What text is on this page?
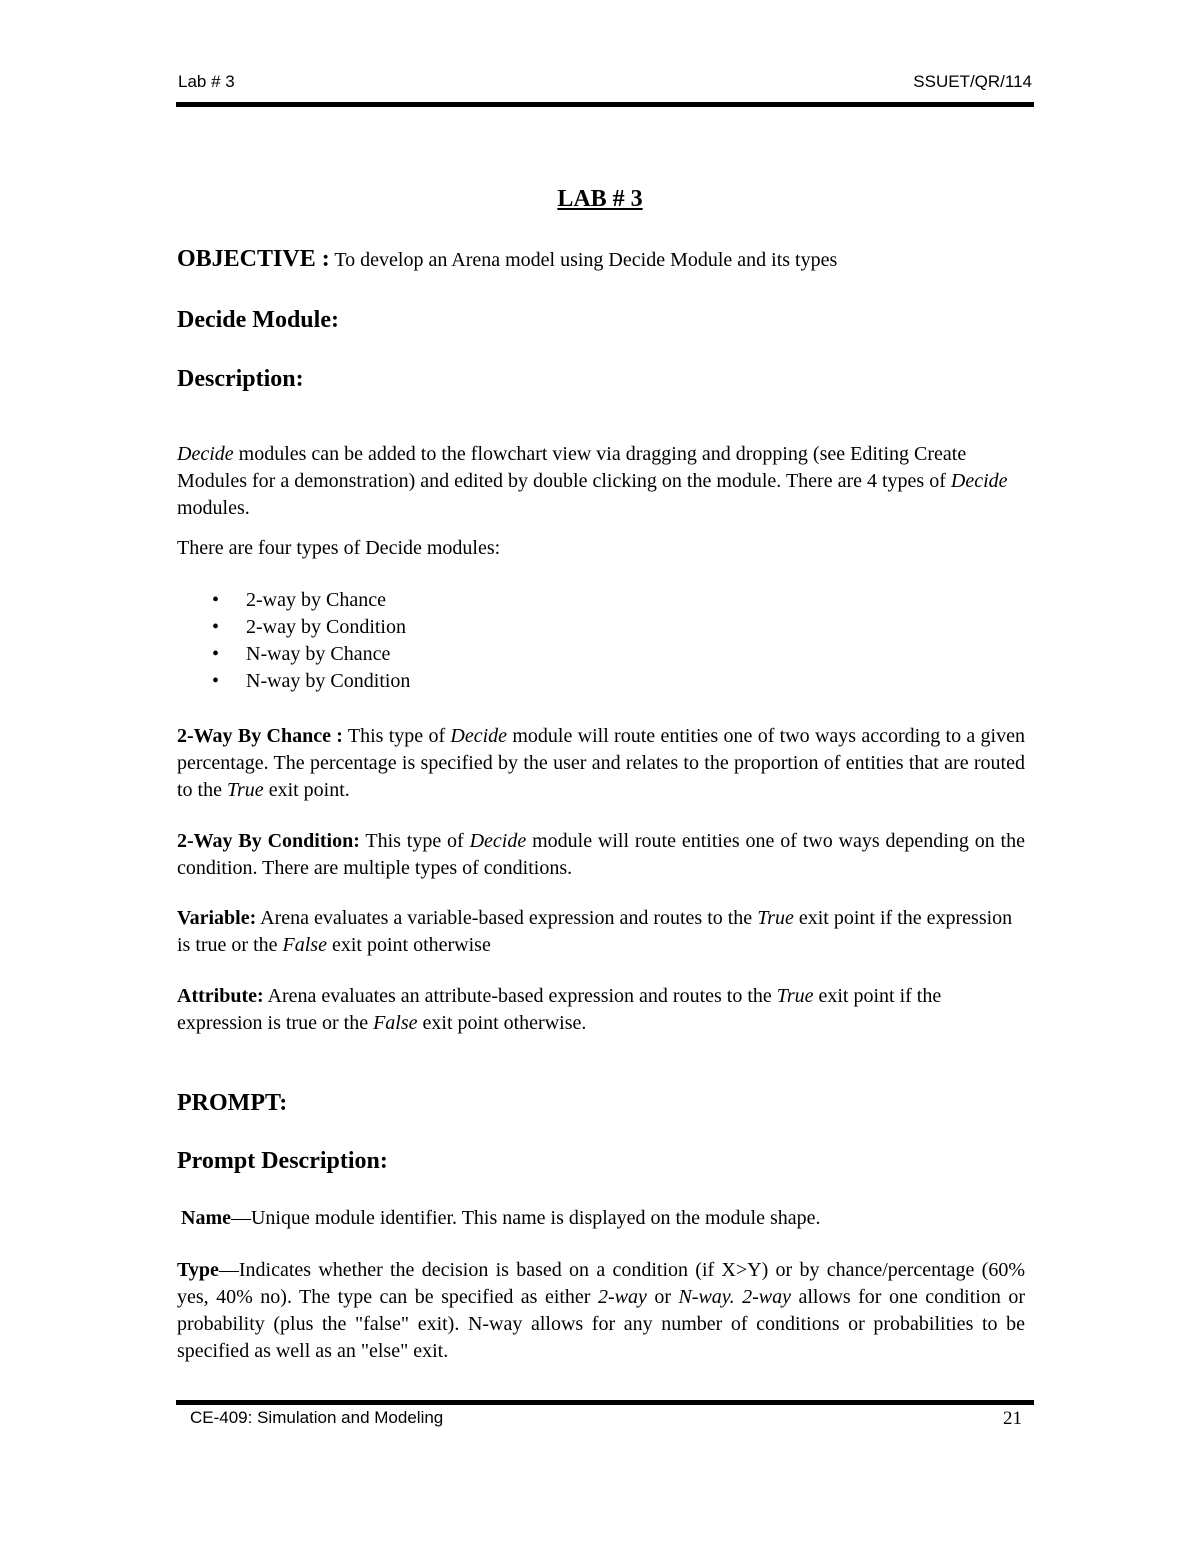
Lab # 3	SSUET/QR/114
LAB # 3
OBJECTIVE : To develop an Arena model using Decide Module and its types
Decide Module:
Description:
Decide modules can be added to the flowchart view via dragging and dropping (see Editing Create Modules for a demonstration) and edited by double clicking on the module. There are 4 types of Decide modules.
There are four types of Decide modules:
• 2-way by Chance
• 2-way by Condition
• N-way by Chance
• N-way by Condition
2-Way By Chance : This type of Decide module will route entities one of two ways according to a given percentage. The percentage is specified by the user and relates to the proportion of entities that are routed to the True exit point.
2-Way By Condition: This type of Decide module will route entities one of two ways depending on the condition. There are multiple types of conditions.
Variable: Arena evaluates a variable-based expression and routes to the True exit point if the expression is true or the False exit point otherwise
Attribute: Arena evaluates an attribute-based expression and routes to the True exit point if the expression is true or the False exit point otherwise.
PROMPT:
Prompt Description:
Name—Unique module identifier. This name is displayed on the module shape.
Type—Indicates whether the decision is based on a condition (if X>Y) or by chance/percentage (60% yes, 40% no). The type can be specified as either 2-way or N-way. 2-way allows for one condition or probability (plus the "false" exit). N-way allows for any number of conditions or probabilities to be specified as well as an "else" exit.
CE-409: Simulation and Modeling	21
